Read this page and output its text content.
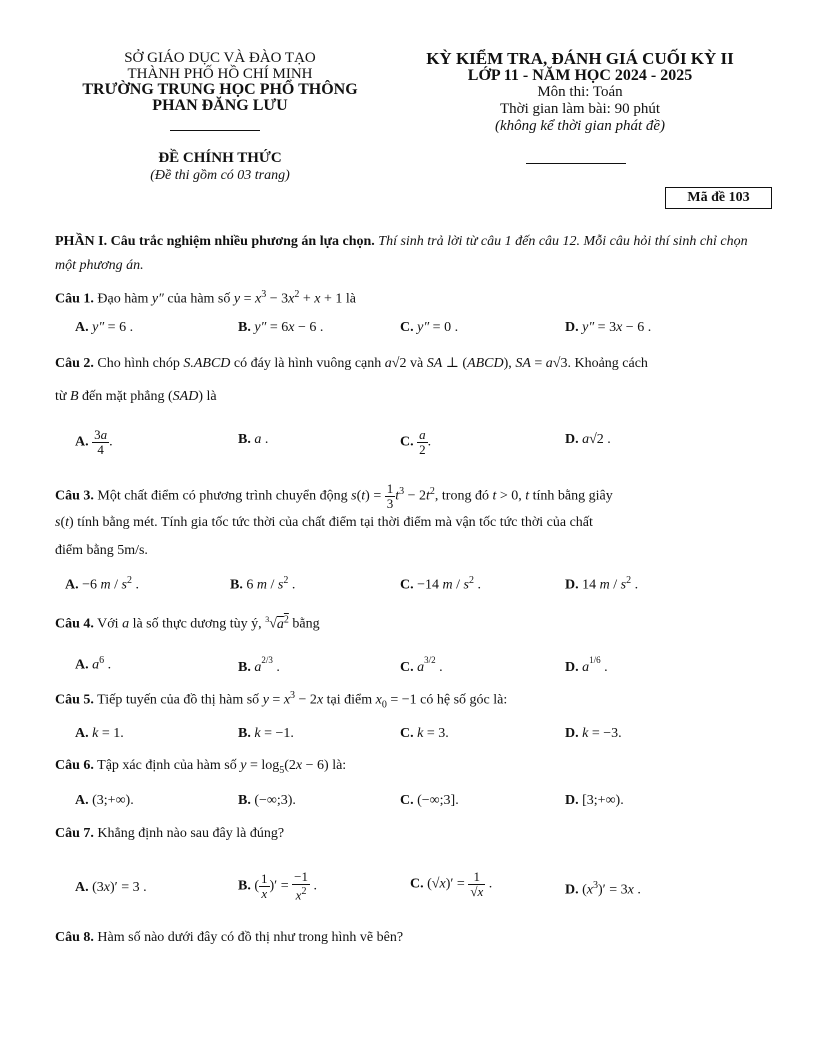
SỞ GIÁO DỤC VÀ ĐÀO TẠO
THÀNH PHỐ HỒ CHÍ MINH
TRƯỜNG TRUNG HỌC PHỔ THÔNG
PHAN ĐĂNG LƯU
ĐỀ CHÍNH THỨC
(Đề thi gồm có 03 trang)
KỲ KIỂM TRA, ĐÁNH GIÁ CUỐI KỲ II
LỚP 11 - NĂM HỌC 2024 - 2025
Môn thi: Toán
Thời gian làm bài: 90 phút
(không kể thời gian phát đề)
Mã đề 103
PHẦN I. Câu trắc nghiệm nhiều phương án lựa chọn. Thí sinh trả lời từ câu 1 đến câu 12. Mỗi câu hỏi thí sinh chỉ chọn một phương án.
Câu 1. Đạo hàm y″ của hàm số $y = x^3 - 3x^2 + x + 1$ là
A. y″ = 6 .	B. y″ = 6x − 6 .	C. y″ = 0 .	D. y″ = 3x − 6 .
Câu 2. Cho hình chóp S.ABCD có đáy là hình vuông cạnh a√2 và SA ⊥ (ABCD), SA = a√3. Khoảng cách
từ B đến mặt phẳng (SAD) là
A. $\frac{3a}{4}$ .	B. a .	C. $\frac{a}{2}$ .	D. a√2 .
Câu 3. Một chất điểm có phương trình chuyển động $s(t) = \frac{1}{3} t^3 - 2t^2$, trong đó t > 0, t tính bằng giây
s(t) tính bằng mét. Tính gia tốc tức thời của chất điểm tại thời điểm mà vận tốc tức thời của chất
điểm bằng 5m/s.
A. −6 m / $s^2$ .	B. 6 m / $s^2$ .	C. −14 m / $s^2$ .	D. 14 m / $s^2$ .
Câu 4. Với a là số thực dương tùy ý, $^3√a^2$ bằng
A. $a^6$ .	B. $a^{2/3}$ .	C. $a^{3/2}$ .	D. $a^{1/6}$ .
Câu 5. Tiếp tuyến của đồ thị hàm số $y = x^3 - 2x$ tại điểm $x_0 = -1$ có hệ số góc là:
A. k = 1.	B. k = −1.	C. k = 3.	D. k = −3.
Câu 6. Tập xác định của hàm số $y = \log_5(2x - 6)$ là:
A. (3;+∞).	B. (−∞;3).	C. (−∞;3].	D. [3;+∞).
Câu 7. Khẳng định nào sau đây là đúng?
A. (3x)′ = 3 .	B. ( $\frac{1}{x}$ )′ = $\frac{-1}{x^2}$ .	C. $(√x)' = \frac{1}{√x}$ .	D. $(x^3)' = 3x$ .
Câu 8. Hàm số nào dưới đây có đồ thị như trong hình vẽ bên?
